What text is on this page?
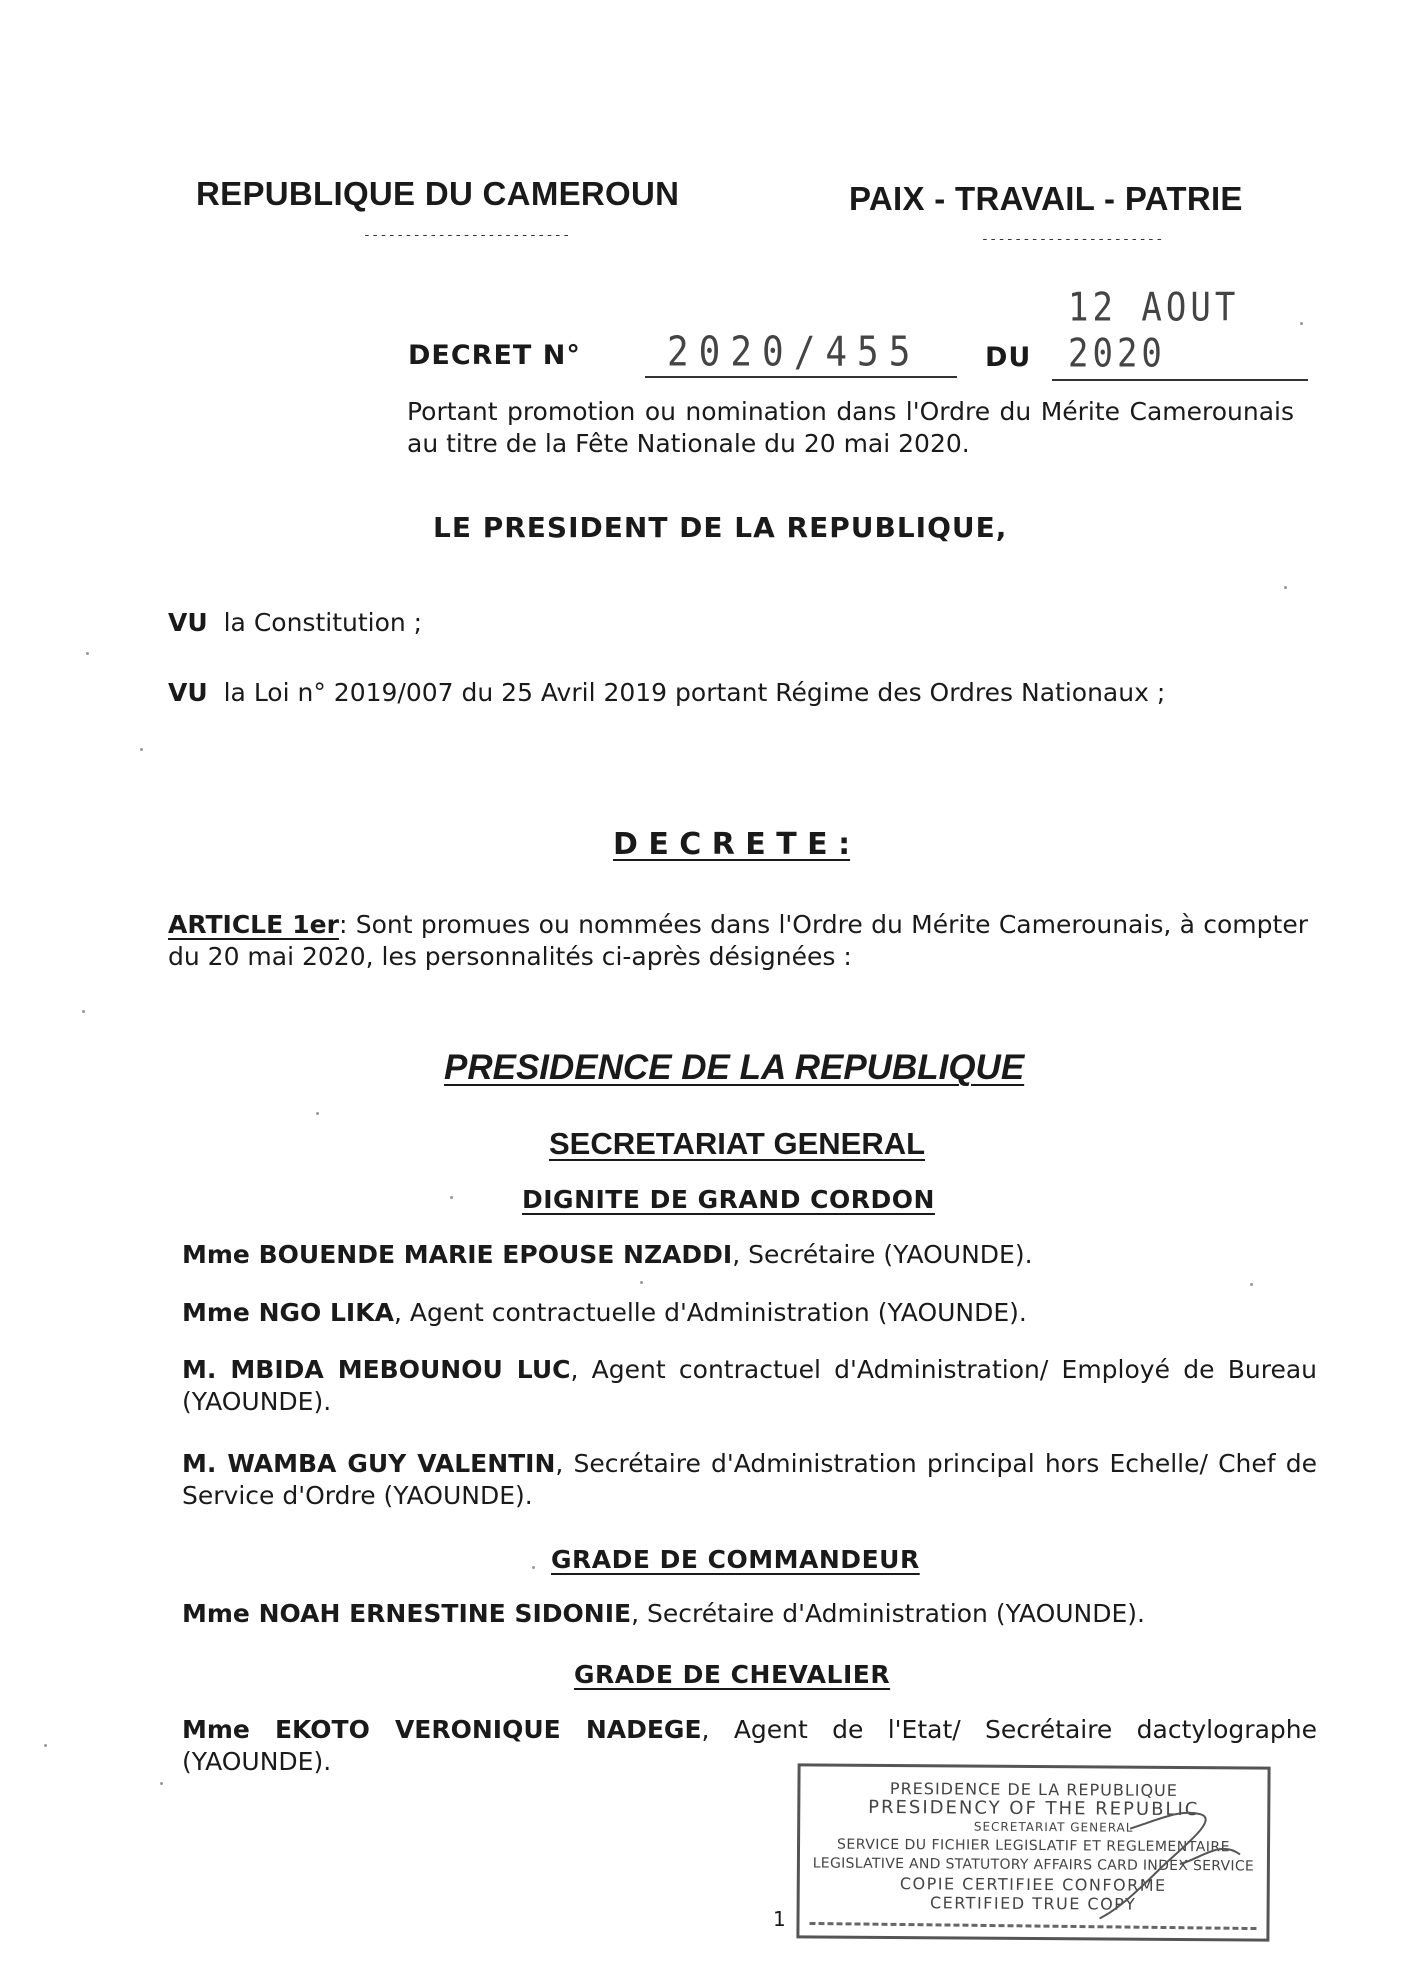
REPUBLIQUE DU CAMEROUN
-------------------------
PAIX - TRAVAIL - PATRIE
----------------------
DECRET N° 2020/455 DU
12 AOUT 2020
Portant promotion ou nomination dans l'Ordre du Mérite Camerounais au titre de la Fête Nationale du 20 mai 2020.
LE PRESIDENT DE LA REPUBLIQUE,
VU la Constitution ;
VU la Loi n° 2019/007 du 25 Avril 2019 portant Régime des Ordres Nationaux ;
D E C R E T E :
ARTICLE 1er: Sont promues ou nommées dans l'Ordre du Mérite Camerounais, à compter du 20 mai 2020, les personnalités ci-après désignées :
PRESIDENCE DE LA REPUBLIQUE
SECRETARIAT GENERAL
DIGNITE DE GRAND CORDON
Mme BOUENDE MARIE EPOUSE NZADDI, Secrétaire (YAOUNDE).
Mme NGO LIKA, Agent contractuelle d'Administration (YAOUNDE).
M. MBIDA MEBOUNOU LUC, Agent contractuel d'Administration/ Employé de Bureau (YAOUNDE).
M. WAMBA GUY VALENTIN, Secrétaire d'Administration principal hors Echelle/ Chef de Service d'Ordre (YAOUNDE).
GRADE DE COMMANDEUR
Mme NOAH ERNESTINE SIDONIE, Secrétaire d'Administration (YAOUNDE).
GRADE DE CHEVALIER
Mme EKOTO VERONIQUE NADEGE, Agent de l'Etat/ Secrétaire dactylographe (YAOUNDE).
PRESIDENCE DE LA REPUBLIQUE
PRESIDENCY OF THE REPUBLIC
SECRETARIAT GENERAL
SERVICE DU FICHIER LEGISLATIF ET REGLEMENTAIRE
LEGISLATIVE AND STATUTORY AFFAIRS CARD INDEX SERVICE
COPIE CERTIFIEE CONFORME
CERTIFIED TRUE COPY
1
